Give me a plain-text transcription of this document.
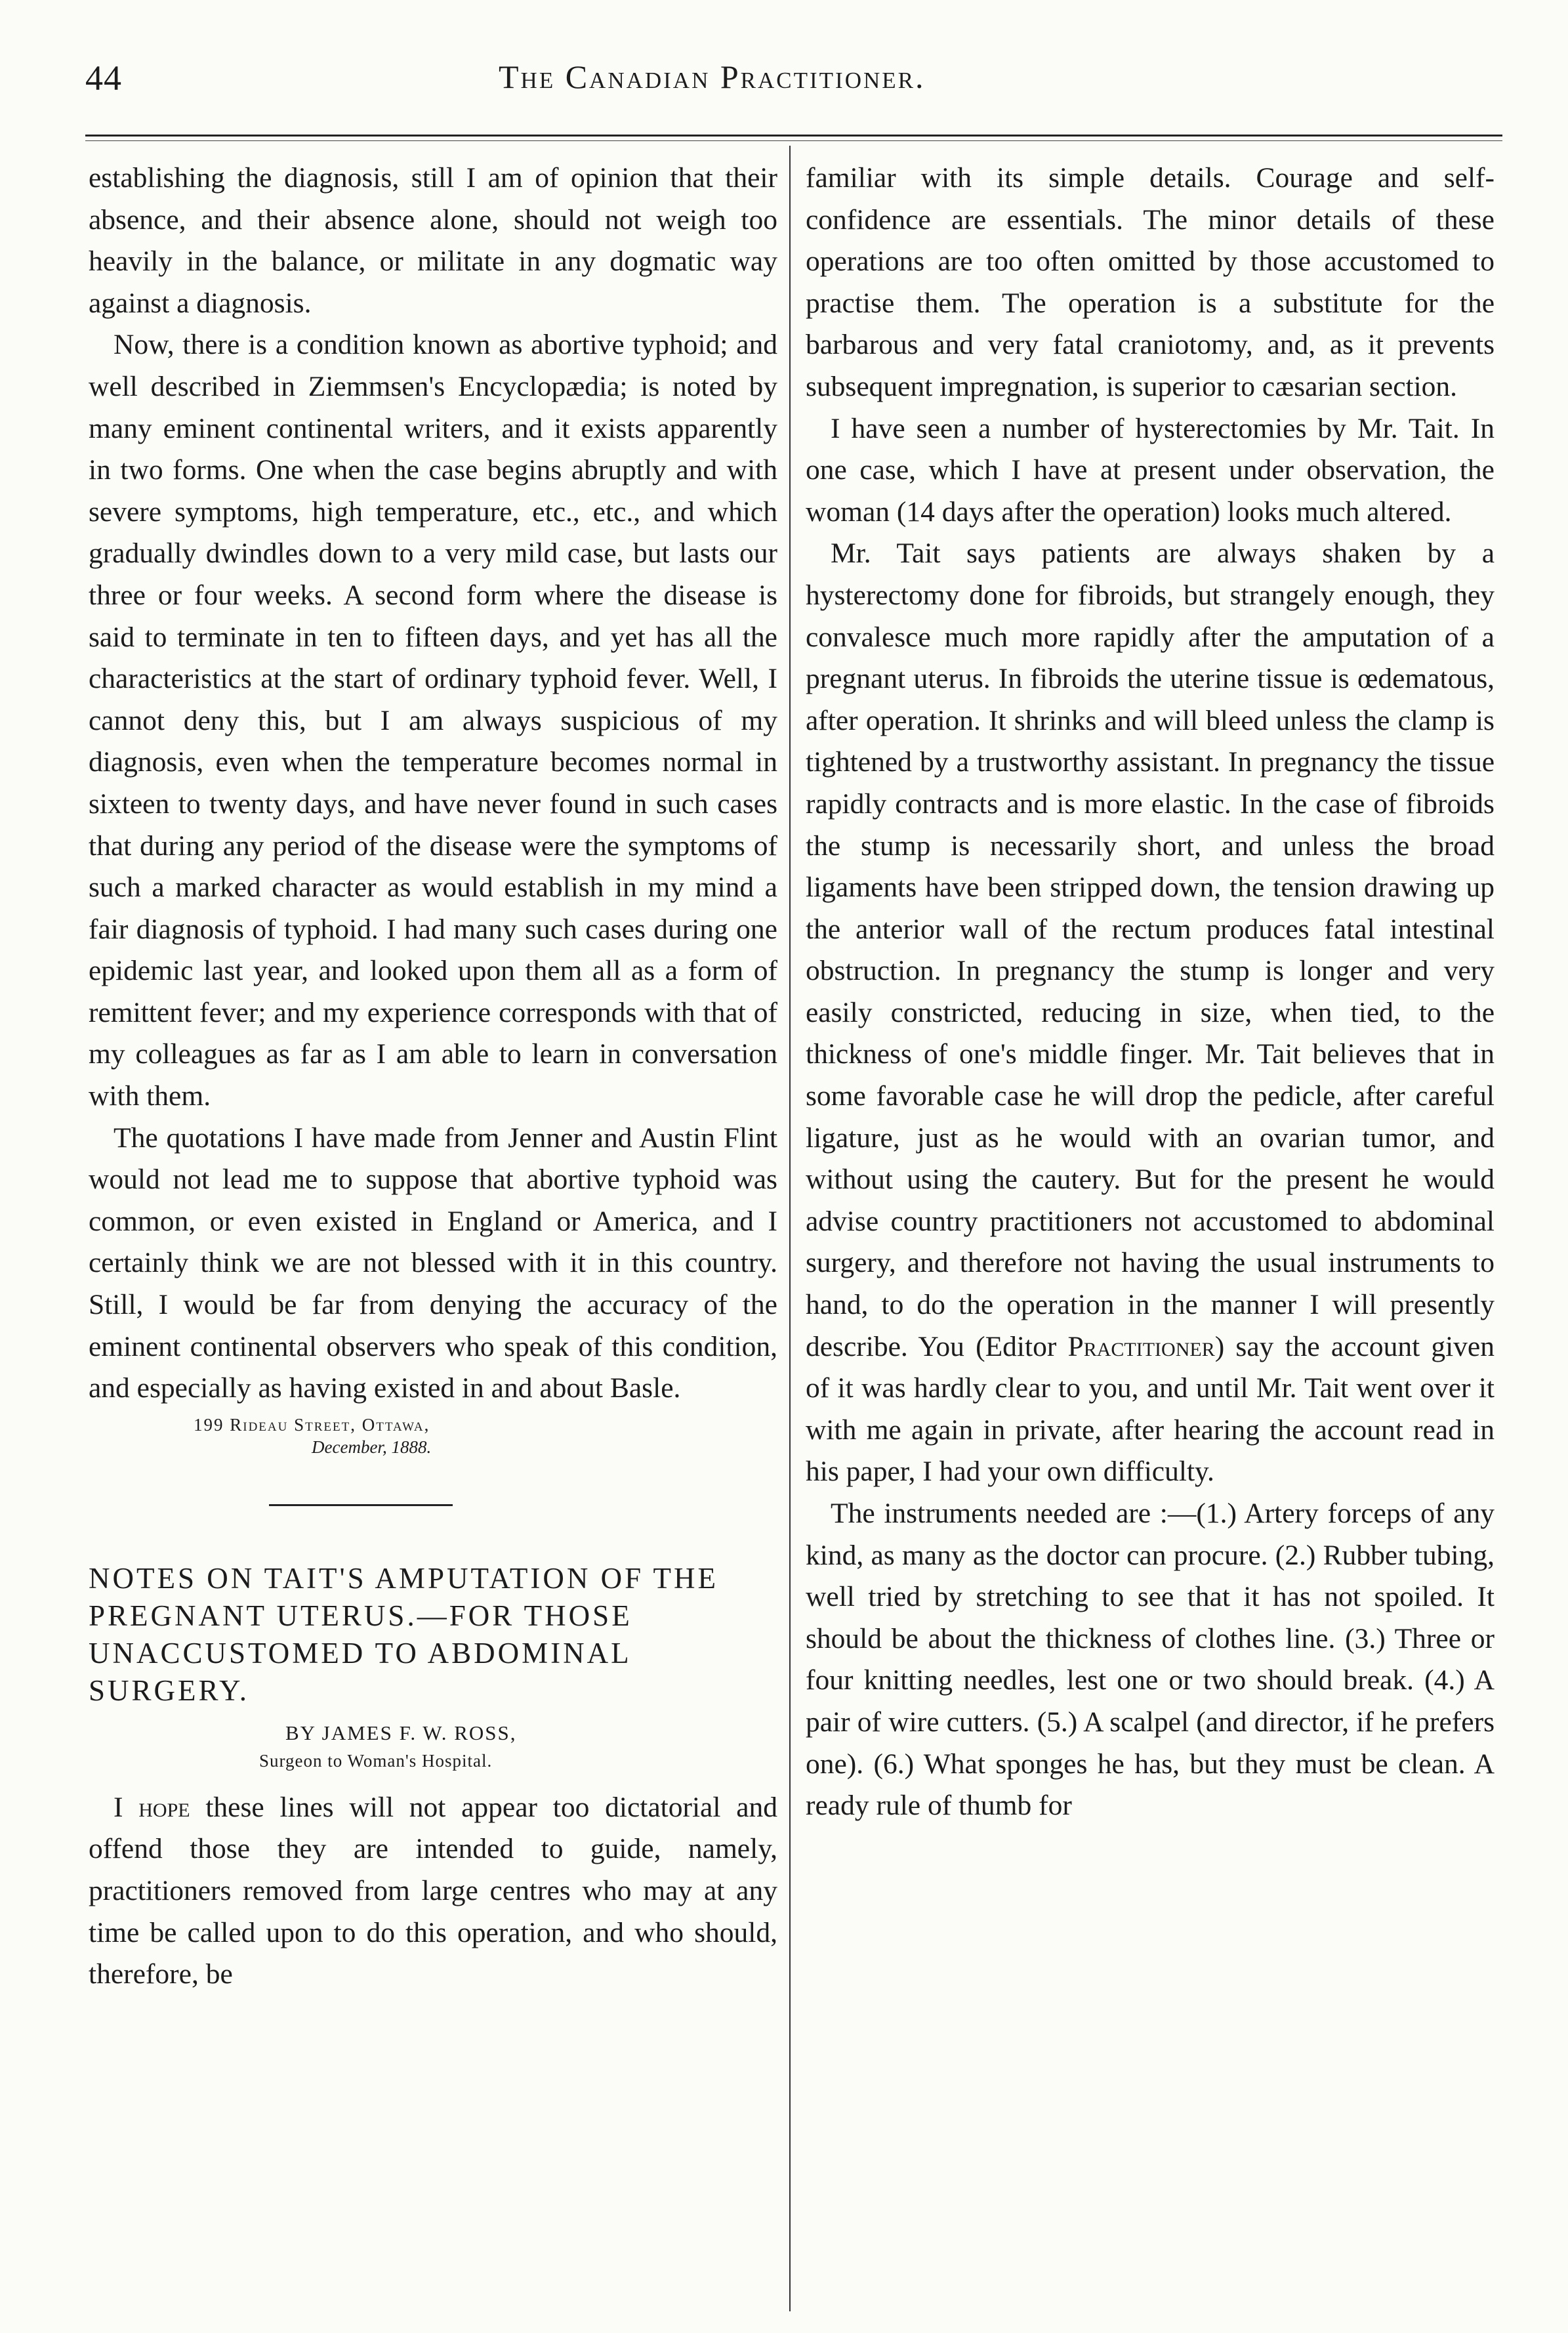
44	The Canadian Practitioner.

establishing the diagnosis, still I am of opinion that their absence, and their absence alone, should not weigh too heavily in the balance, or militate in any dogmatic way against a diagnosis.

Now, there is a condition known as abortive typhoid; and well described in Ziemmsen's Encyclopædia; is noted by many eminent continental writers, and it exists apparently in two forms. One when the case begins abruptly and with severe symptoms, high temperature, etc., etc., and which gradually dwindles down to a very mild case, but lasts our three or four weeks. A second form where the disease is said to terminate in ten to fifteen days, and yet has all the characteristics at the start of ordinary typhoid fever. Well, I cannot deny this, but I am always suspicious of my diagnosis, even when the temperature becomes normal in sixteen to twenty days, and have never found in such cases that during any period of the disease were the symptoms of such a marked character as would establish in my mind a fair diagnosis of typhoid. I had many such cases during one epidemic last year, and looked upon them all as a form of remittent fever; and my experience corresponds with that of my colleagues as far as I am able to learn in conversation with them.

The quotations I have made from Jenner and Austin Flint would not lead me to suppose that abortive typhoid was common, or even existed in England or America, and I certainly think we are not blessed with it in this country. Still, I would be far from denying the accuracy of the eminent continental observers who speak of this condition, and especially as having existed in and about Basle.

199 Rideau Street, Ottawa,

December, 1888.

NOTES ON TAIT'S AMPUTATION OF THE PREGNANT UTERUS.—FOR THOSE UNACCUSTOMED TO ABDOMINAL SURGERY.

BY JAMES F. W. ROSS,

Surgeon to Woman's Hospital.

I hope these lines will not appear too dictatorial and offend those they are intended to guide, namely, practitioners removed from large centres who may at any time be called upon to do this operation, and who should, therefore, be

familiar with its simple details. Courage and self-confidence are essentials. The minor details of these operations are too often omitted by those accustomed to practise them. The operation is a substitute for the barbarous and very fatal craniotomy, and, as it prevents subsequent impregnation, is superior to cæsarian section.

I have seen a number of hysterectomies by Mr. Tait. In one case, which I have at present under observation, the woman (14 days after the operation) looks much altered.

Mr. Tait says patients are always shaken by a hysterectomy done for fibroids, but strangely enough, they convalesce much more rapidly after the amputation of a pregnant uterus. In fibroids the uterine tissue is œdematous, after operation. It shrinks and will bleed unless the clamp is tightened by a trustworthy assistant. In pregnancy the tissue rapidly contracts and is more elastic. In the case of fibroids the stump is necessarily short, and unless the broad ligaments have been stripped down, the tension drawing up the anterior wall of the rectum produces fatal intestinal obstruction. In pregnancy the stump is longer and very easily constricted, reducing in size, when tied, to the thickness of one's middle finger. Mr. Tait believes that in some favorable case he will drop the pedicle, after careful ligature, just as he would with an ovarian tumor, and without using the cautery. But for the present he would advise country practitioners not accustomed to abdominal surgery, and therefore not having the usual instruments to hand, to do the operation in the manner I will presently describe. You (Editor Practitioner) say the account given of it was hardly clear to you, and until Mr. Tait went over it with me again in private, after hearing the account read in his paper, I had your own difficulty.

The instruments needed are :—(1.) Artery forceps of any kind, as many as the doctor can procure. (2.) Rubber tubing, well tried by stretching to see that it has not spoiled. It should be about the thickness of clothes line. (3.) Three or four knitting needles, lest one or two should break. (4.) A pair of wire cutters. (5.) A scalpel (and director, if he prefers one). (6.) What sponges he has, but they must be clean. A ready rule of thumb for
